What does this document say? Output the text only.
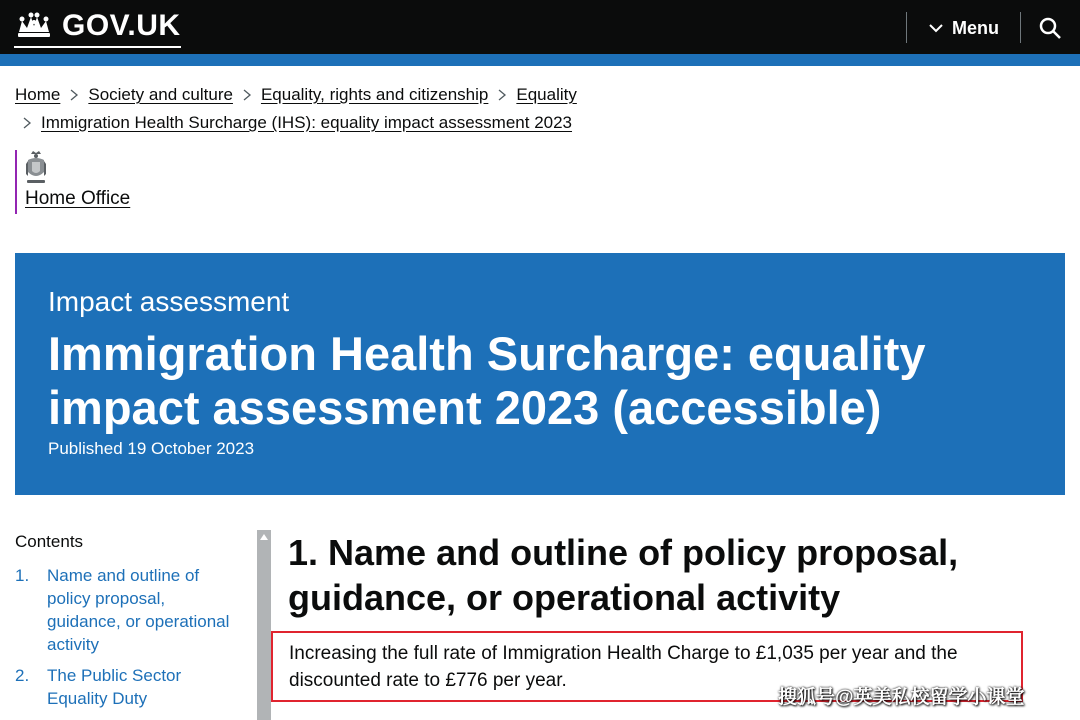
GOV.UK	Menu
Home Society and culture Equality, rights and citizenship Equality
Immigration Health Surcharge (IHS): equality impact assessment 2023
Home Office
Impact assessment
Immigration Health Surcharge: equality impact assessment 2023 (accessible)
Published 19 October 2023
Contents
1.	Name and outline of policy proposal, guidance, or operational activity
2.	The Public Sector Equality Duty
1. Name and outline of policy proposal, guidance, or operational activity

Increasing the full rate of Immigration Health Charge to £1,035 per year and the discounted rate to £776 per year.

搜狐号@英美私校留学小课堂
